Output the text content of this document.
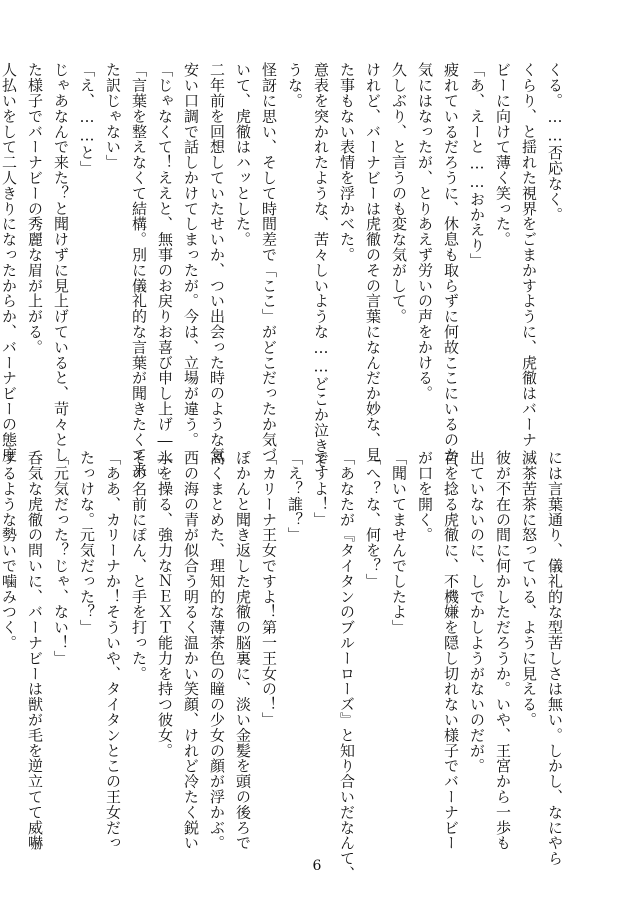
くる。……否応なく。
くらり、と揺れた視界をごまかすように、虎徹はバーナ
ビーに向けて薄く笑った。
「あ、えーと……おかえり」
疲れているだろうに、休息も取らずに何故ここにいるのか、
気にはなったが、とりあえず労いの声をかける。
久しぶり、と言うのも変な気がして。
けれど、バーナビーは虎徹のその言葉になんだか妙な、見
た事もない表情を浮かべた。
意表を突かれたような、苦々しいような……どこか泣きそ
うな。
怪訝に思い、そして時間差で「ここ」がどこだったか気づ
いて、虎徹はハッとした。
二年前を回想していたせいか、つい出会った時のような気
安い口調で話しかけてしまったが。今は、立場が違う。
「じゃなくて！ええと、無事のお戻りお喜び申し上げ――」
「言葉を整えなくて結構。別に儀礼的な言葉が聞きたくて来
た訳じゃない」
「え、……と」
じゃあなんで来た？と聞けずに見上げていると、苛々とし
た様子でバーナビーの秀麗な眉が上がる。
人払いをして二人きりになったからか、バーナビーの態度
には言葉通り、儀礼的な型苦しさは無い。しかし、なにやら
滅茶苦茶に怒っている、ように見える。
彼が不在の間に何かしただろうか。いや、王宮から一歩も
出ていないのに、しでかしようがないのだが。
首を捻る虎徹に、不機嫌を隠し切れない様子でバーナビー
が口を開く。
「聞いてませんでしたよ」
「へ？な、何を？」
「あなたが『タイタンのブルーローズ』と知り合いだなんて、
ですよ！」
「え？誰？」
「カリーナ王女ですよ！第一王女の！」
ぽかんと聞き返した虎徹の脳裏に、淡い金髪を頭の後ろで
高くまとめた、理知的な薄茶色の瞳の少女の顔が浮かぶ。
西の海の青が似合う明るく温かい笑顔、けれど冷たく鋭い
氷を操る、強力なＮＥＸＴ能力を持つ彼女。
その名前にぽん、と手を打った。
「ああ、カリーナか！そういや、タイタンとこの王女だっ
たっけな。元気だった？」
「元気だった？じゃ、ない！」
呑気な虎徹の問いに、バーナビーは獣が毛を逆立てて威嚇
するような勢いで噛みつく。
6
